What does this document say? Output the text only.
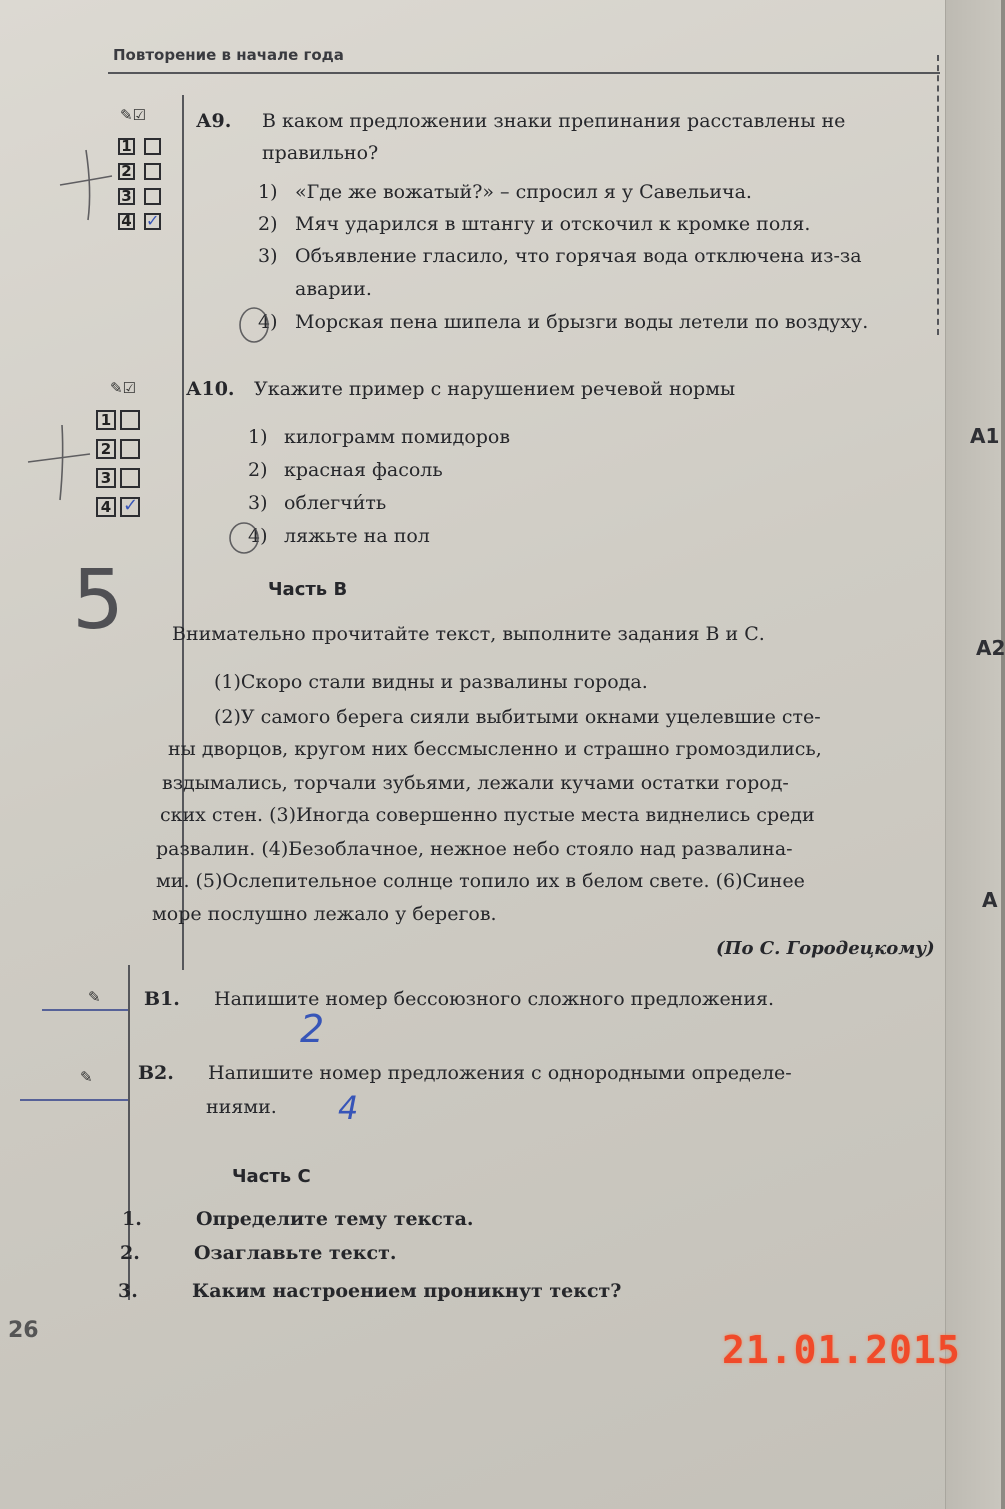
А1
А2
А
Повторение в начале года
✎☑
1
2
3
4 ✓
А9. В каком предложении знаки препинания расставлены не
правильно?
1) «Где же вожатый?» – спросил я у Савельича.
2) Мяч ударился в штангу и отскочил к кромке поля.
3) Объявление гласило, что горячая вода отключена из-за
аварии.
4) Морская пена шипела и брызги воды летели по воздуху.
✎☑
1
2
3
4 ✓
А10. Укажите пример с нарушением речевой нормы
1) килограмм помидоров
2) красная фасоль
3) облегчи́ть
4) ляжьте на пол
5	Часть В
Внимательно прочитайте текст, выполните задания В и С.
(1)Скоро стали видны и развалины города.
(2)У самого берега сияли выбитыми окнами уцелевшие сте-
ны дворцов, кругом них бессмысленно и страшно громоздились,
вздымались, торчали зубьями, лежали кучами остатки город-
ских стен. (3)Иногда совершенно пустые места виднелись среди
развалин. (4)Безоблачное, нежное небо стояло над развалина-
ми. (5)Ослепительное солнце топило их в белом свете. (6)Синее
море послушно лежало у берегов.
(По С. Городецкому)
✎ В1. Напишите номер бессоюзного сложного предложения.
2
✎ В2. Напишите номер предложения с однородными определе-
ниями. 4
Часть С
1.	Определите тему текста.
2.	Озаглавьте текст.
3.	Каким настроением проникнут текст?
26	21.01.2015
